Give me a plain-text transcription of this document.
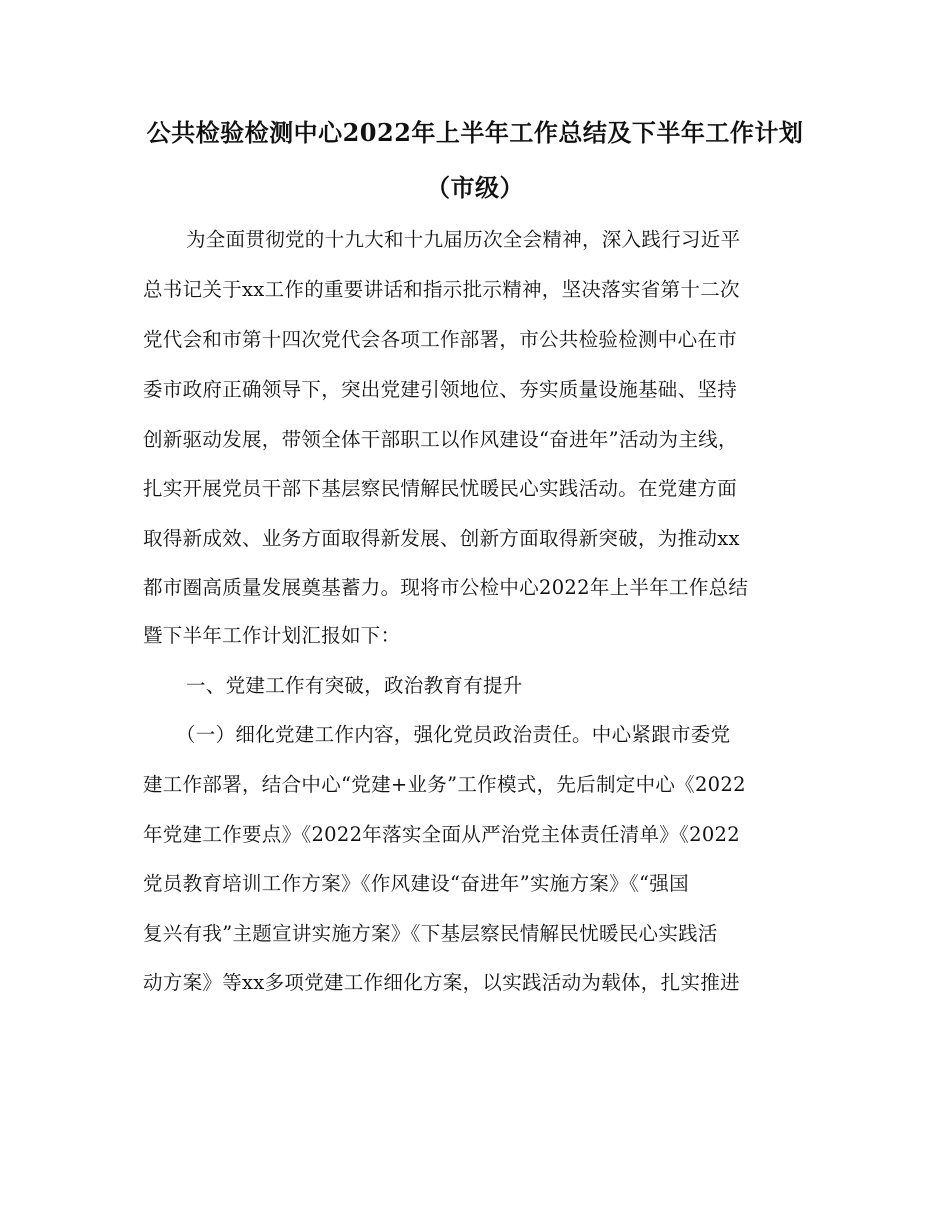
公共检验检测中心2022年上半年工作总结及下半年工作计划
（市级）
为全面贯彻党的十九大和十九届历次全会精神，深入践行习近平
总书记关于xx工作的重要讲话和指示批示精神，坚决落实省第十二次
党代会和市第十四次党代会各项工作部署，市公共检验检测中心在市
委市政府正确领导下，突出党建引领地位、夯实质量设施基础、坚持
创新驱动发展，带领全体干部职工以作风建设“奋进年”活动为主线，
扎实开展党员干部下基层察民情解民忧暖民心实践活动。在党建方面
取得新成效、业务方面取得新发展、创新方面取得新突破，为推动xx
都市圈高质量发展奠基蓄力。现将市公检中心2022年上半年工作总结
暨下半年工作计划汇报如下：
一、党建工作有突破，政治教育有提升
（一）细化党建工作内容，强化党员政治责任。中心紧跟市委党
建工作部署，结合中心“党建+业务”工作模式，先后制定中心《2022
年党建工作要点》《2022年落实全面从严治党主体责任清单》《2022
党员教育培训工作方案》《作风建设“奋进年”实施方案》《“强国
复兴有我”主题宣讲实施方案》《下基层察民情解民忧暖民心实践活
动方案》等xx多项党建工作细化方案，以实践活动为载体，扎实推进
